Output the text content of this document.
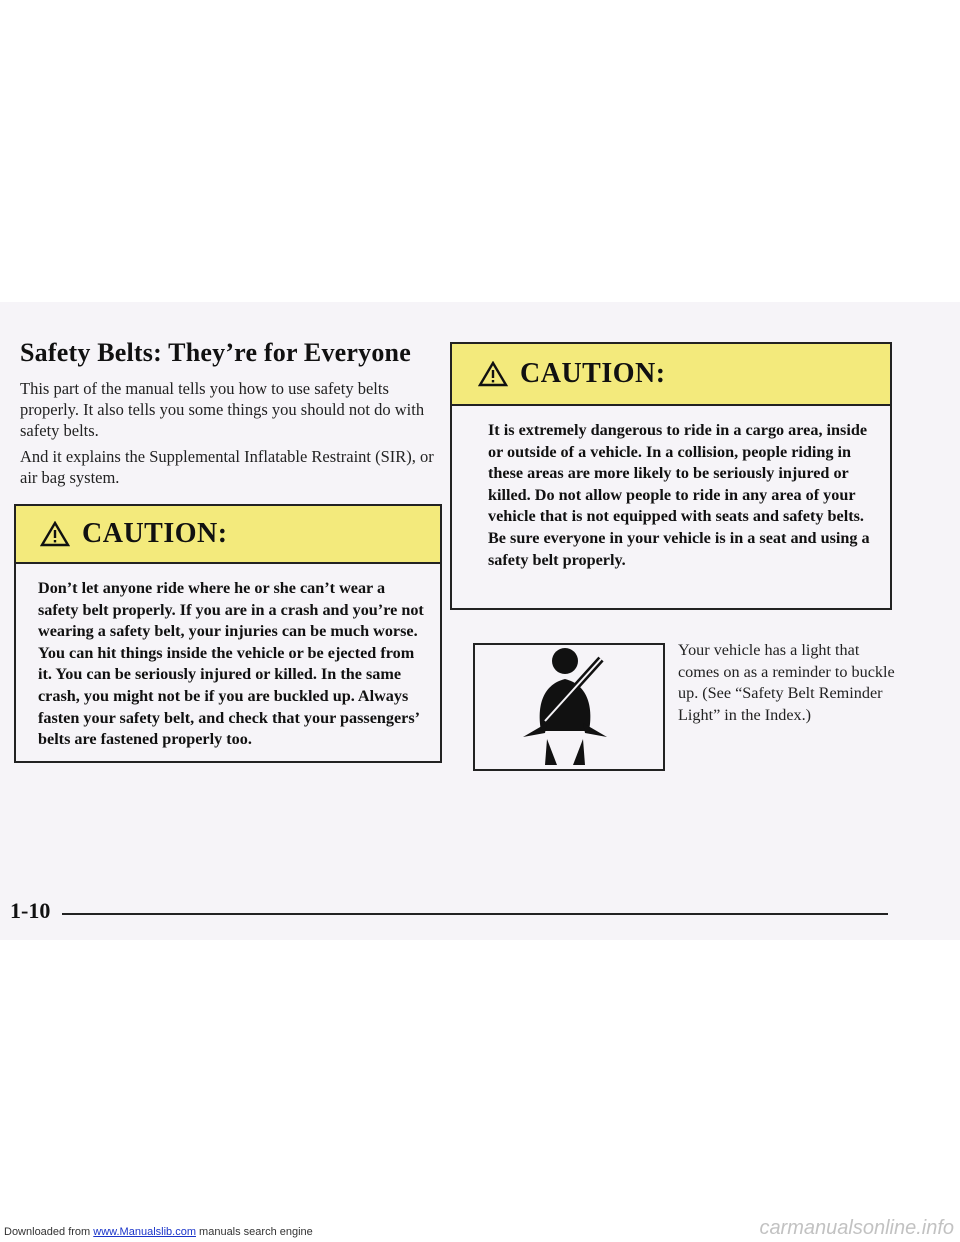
Safety Belts: They’re for Everyone

This part of the manual tells you how to use safety belts properly. It also tells you some things you should not do with safety belts.

And it explains the Supplemental Inflatable Restraint (SIR), or air bag system.

CAUTION:
Don’t let anyone ride where he or she can’t wear a safety belt properly. If you are in a crash and you’re not wearing a safety belt, your injuries can be much worse. You can hit things inside the vehicle or be ejected from it. You can be seriously injured or killed. In the same crash, you might not be if you are buckled up. Always fasten your safety belt, and check that your passengers’ belts are fastened properly too.
CAUTION:
It is extremely dangerous to ride in a cargo area, inside or outside of a vehicle. In a collision, people riding in these areas are more likely to be seriously injured or killed. Do not allow people to ride in any area of your vehicle that is not equipped with seats and safety belts. Be sure everyone in your vehicle is in a seat and using a safety belt properly.

Your vehicle has a light that comes on as a reminder to buckle up. (See “Safety Belt Reminder Light” in the Index.)

1-10
Downloaded from www.Manualslib.com manuals search engine	carmanualsonline.info
